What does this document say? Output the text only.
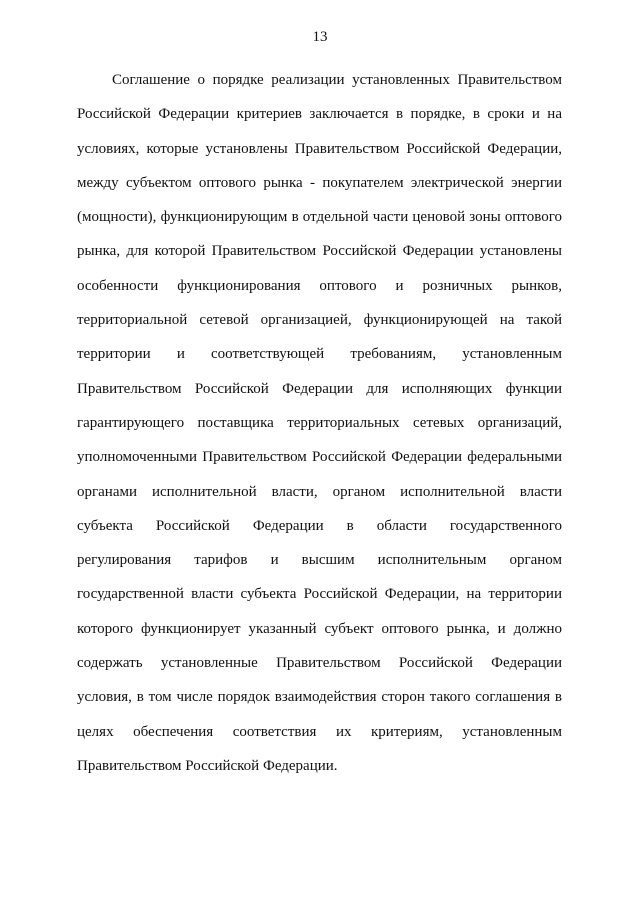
13
Соглашение о порядке реализации установленных Правительством
Российской Федерации критериев заключается в порядке, в сроки и на
условиях, которые установлены Правительством Российской Федерации,
между субъектом оптового рынка - покупателем электрической энергии
(мощности), функционирующим в отдельной части ценовой зоны оптового
рынка, для которой Правительством Российской Федерации установлены
особенности функционирования оптового и розничных рынков,
территориальной сетевой организацией, функционирующей на такой
территории и соответствующей требованиям, установленным
Правительством Российской Федерации для исполняющих функции
гарантирующего поставщика территориальных сетевых организаций,
уполномоченными Правительством Российской Федерации федеральными
органами исполнительной власти, органом исполнительной власти
субъекта Российской Федерации в области государственного
регулирования тарифов и высшим исполнительным органом
государственной власти субъекта Российской Федерации, на территории
которого функционирует указанный субъект оптового рынка, и должно
содержать установленные Правительством Российской Федерации
условия, в том числе порядок взаимодействия сторон такого соглашения в
целях обеспечения соответствия их критериям, установленным
Правительством Российской Федерации.
